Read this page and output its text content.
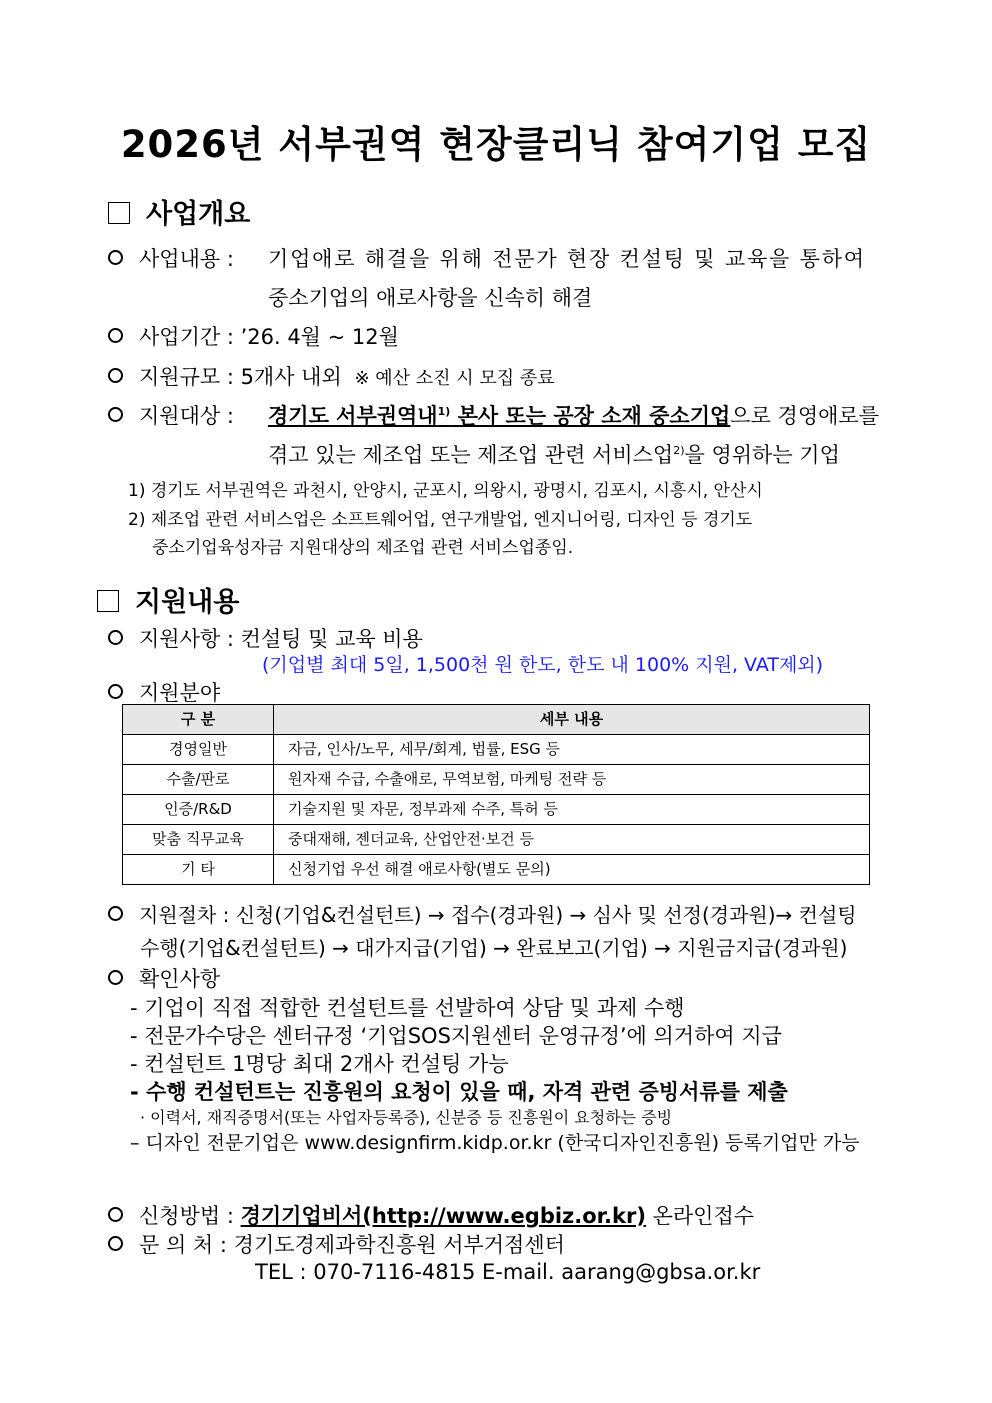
2026년 서부권역 현장클리닉 참여기업 모집
사업개요
사업내용 : 기업애로 해결을 위해 전문가 현장 컨설팅 및 교육을 통하여
중소기업의 애로사항을 신속히 해결
사업기간 : ’26. 4월 ~ 12월
지원규모 : 5개사 내외 ※ 예산 소진 시 모집 종료
지원대상 : 경기도 서부권역내$^{1)}$ 본사 또는 공장 소재 중소기업으로 경영애로를
겪고 있는 제조업 또는 제조업 관련 서비스업$^{2)}$을 영위하는 기업
1) 경기도 서부권역은 과천시, 안양시, 군포시, 의왕시, 광명시, 김포시, 시흥시, 안산시
2) 제조업 관련 서비스업은 소프트웨어업, 연구개발업, 엔지니어링, 디자인 등 경기도
중소기업육성자금 지원대상의 제조업 관련 서비스업종임.
지원내용
지원사항 : 컨설팅 및 교육 비용
(기업별 최대 5일, 1,500천 원 한도, 한도 내 100% 지원, VAT제외)
지원분야
구 분	세부 내용
경영일반	자금, 인사/노무, 세무/회계, 법률, ESG 등
수출/판로	원자재 수급, 수출애로, 무역보험, 마케팅 전략 등
인증/R&D	기술지원 및 자문, 정부과제 수주, 특허 등
맞춤 직무교육	중대재해, 젠더교육, 산업안전·보건 등
기 타	신청기업 우선 해결 애로사항(별도 문의)
지원절차 : 신청(기업&컨설턴트) → 접수(경과원) → 심사 및 선정(경과원)→ 컨설팅
수행(기업&컨설턴트) → 대가지급(기업) → 완료보고(기업) → 지원금지급(경과원)
확인사항
- 기업이 직접 적합한 컨설턴트를 선발하여 상담 및 과제 수행
- 전문가수당은 센터규정 ‘기업SOS지원센터 운영규정’에 의거하여 지급
- 컨설턴트 1명당 최대 2개사 컨설팅 가능
- 수행 컨설턴트는 진흥원의 요청이 있을 때, 자격 관련 증빙서류를 제출
· 이력서, 재직증명서(또는 사업자등록증), 신분증 등 진흥원이 요청하는 증빙
– 디자인 전문기업은 www.designfirm.kidp.or.kr (한국디자인진흥원) 등록기업만 가능
신청방법 : 경기기업비서(http://www.egbiz.or.kr) 온라인접수
문 의 처 : 경기도경제과학진흥원 서부거점센터
TEL : 070-7116-4815 E-mail. aarang@gbsa.or.kr
